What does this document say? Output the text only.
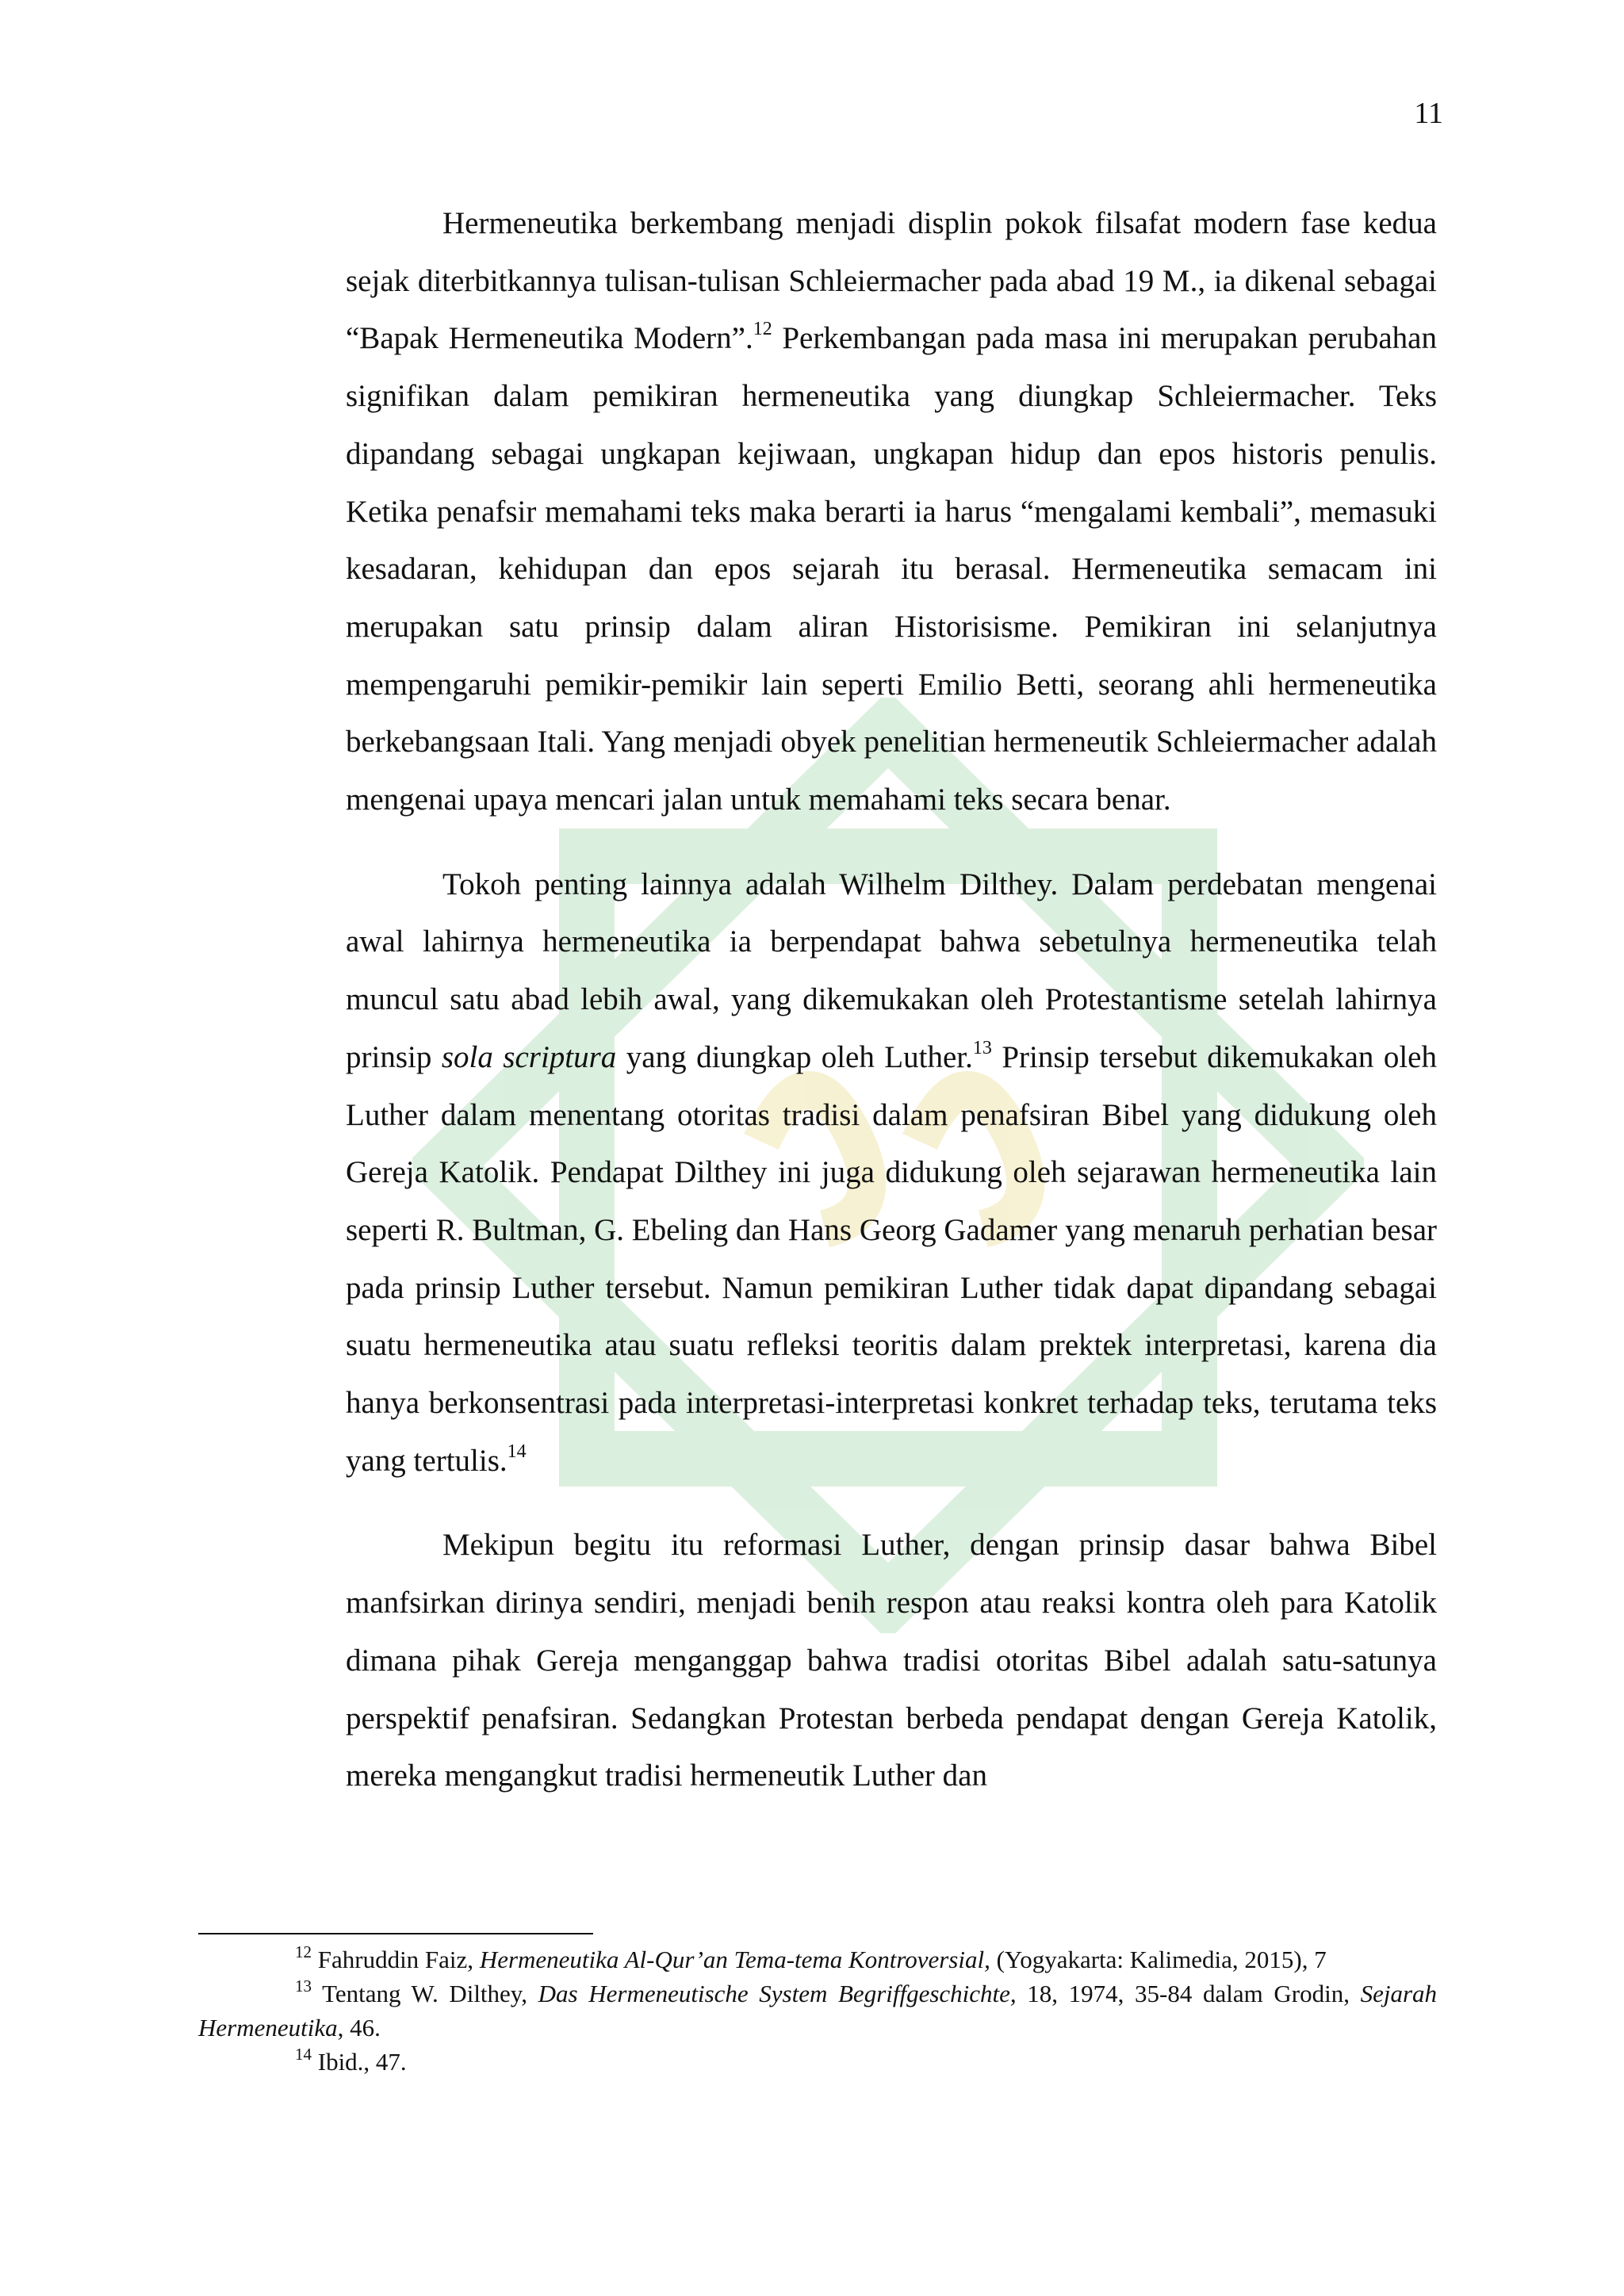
11

Hermeneutika berkembang menjadi displin pokok filsafat modern fase kedua sejak diterbitkannya tulisan-tulisan Schleiermacher pada abad 19 M., ia dikenal sebagai “Bapak Hermeneutika Modern”.$^{12}$ Perkembangan pada masa ini merupakan perubahan signifikan dalam pemikiran hermeneutika yang diungkap Schleiermacher. Teks dipandang sebagai ungkapan kejiwaan, ungkapan hidup dan epos historis penulis. Ketika penafsir memahami teks maka berarti ia harus “mengalami kembali”, memasuki kesadaran, kehidupan dan epos sejarah itu berasal. Hermeneutika semacam ini merupakan satu prinsip dalam aliran Historisisme. Pemikiran ini selanjutnya mempengaruhi pemikir-pemikir lain seperti Emilio Betti, seorang ahli hermeneutika berkebangsaan Itali. Yang menjadi obyek penelitian hermeneutik Schleiermacher adalah mengenai upaya mencari jalan untuk memahami teks secara benar.

Tokoh penting lainnya adalah Wilhelm Dilthey. Dalam perdebatan mengenai awal lahirnya hermeneutika ia berpendapat bahwa sebetulnya hermeneutika telah muncul satu abad lebih awal, yang dikemukakan oleh Protestantisme setelah lahirnya prinsip sola scriptura yang diungkap oleh Luther.$^{13}$ Prinsip tersebut dikemukakan oleh Luther dalam menentang otoritas tradisi dalam penafsiran Bibel yang didukung oleh Gereja Katolik. Pendapat Dilthey ini juga didukung oleh sejarawan hermeneutika lain seperti R. Bultman, G. Ebeling dan Hans Georg Gadamer yang menaruh perhatian besar pada prinsip Luther tersebut. Namun pemikiran Luther tidak dapat dipandang sebagai suatu hermeneutika atau suatu refleksi teoritis dalam prektek interpretasi, karena dia hanya berkonsentrasi pada interpretasi-interpretasi konkret terhadap teks, terutama teks yang tertulis.$^{14}$

Mekipun begitu itu reformasi Luther, dengan prinsip dasar bahwa Bibel manfsirkan dirinya sendiri, menjadi benih respon atau reaksi kontra oleh para Katolik dimana pihak Gereja menganggap bahwa tradisi otoritas Bibel adalah satu-satunya perspektif penafsiran. Sedangkan Protestan berbeda pendapat dengan Gereja Katolik, mereka mengangkut tradisi hermeneutik Luther dan

$^{12}$ Fahruddin Faiz, Hermeneutika Al-Qur’an Tema-tema Kontroversial, (Yogyakarta: Kalimedia, 2015), 7

$^{13}$ Tentang W. Dilthey, Das Hermeneutische System Begriffgeschichte, 18, 1974, 35-84 dalam Grodin, Sejarah Hermeneutika, 46.

$^{14}$ Ibid., 47.
